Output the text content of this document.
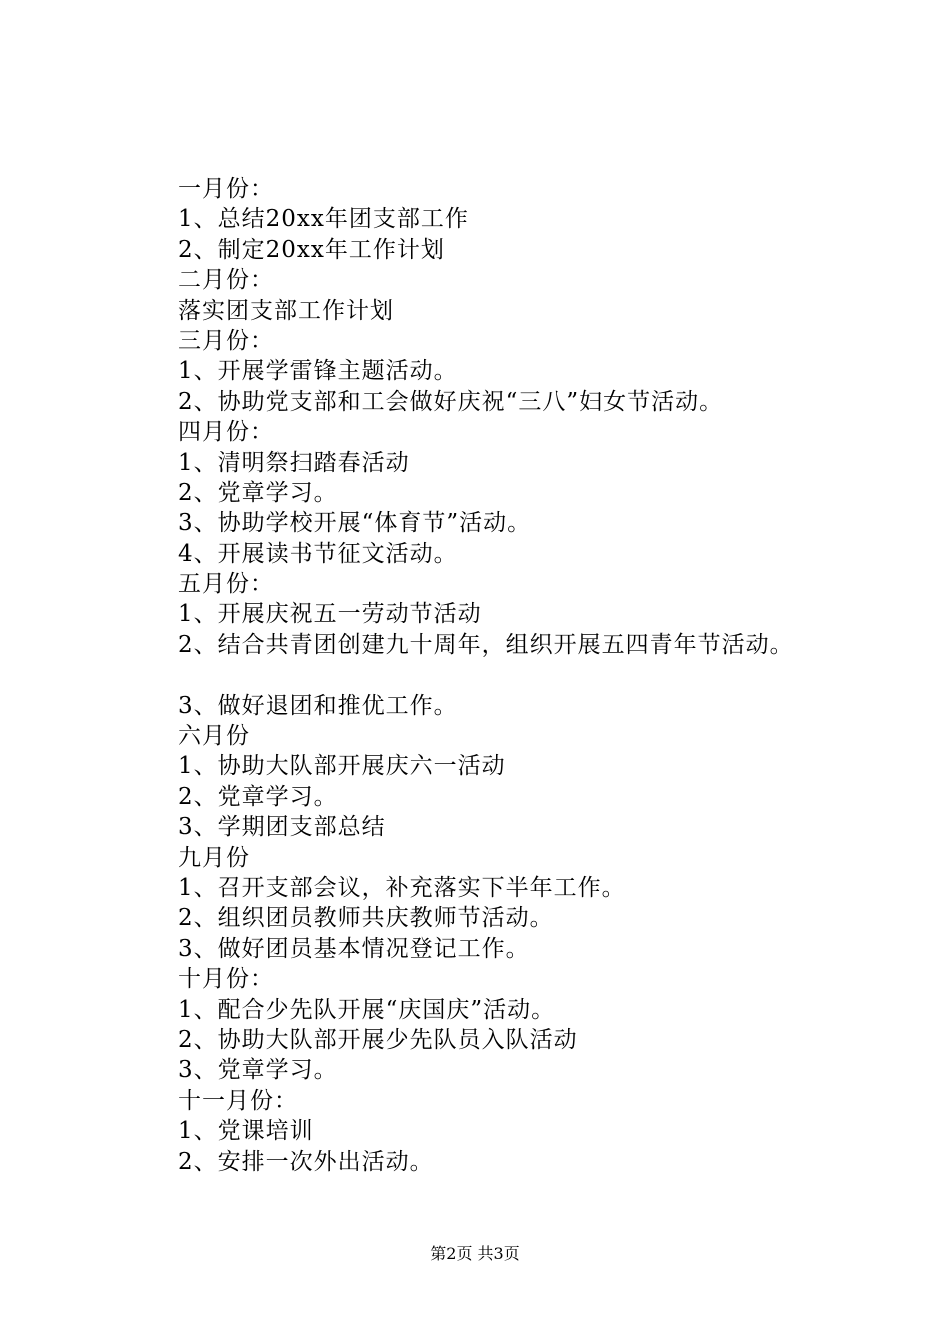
一月份：
1、总结20xx年团支部工作
2、制定20xx年工作计划
二月份：
落实团支部工作计划
三月份：
1、开展学雷锋主题活动。
2、协助党支部和工会做好庆祝“三八”妇女节活动。
四月份：
1、清明祭扫踏春活动
2、党章学习。
3、协助学校开展“体育节”活动。
4、开展读书节征文活动。
五月份：
1、开展庆祝五一劳动节活动
2、结合共青团创建九十周年，组织开展五四青年节活动。
3、做好退团和推优工作。
六月份
1、协助大队部开展庆六一活动
2、党章学习。
3、学期团支部总结
九月份
1、召开支部会议，补充落实下半年工作。
2、组织团员教师共庆教师节活动。
3、做好团员基本情况登记工作。
十月份：
1、配合少先队开展“庆国庆”活动。
2、协助大队部开展少先队员入队活动
3、党章学习。
十一月份：
1、党课培训
2、安排一次外出活动。
第2页 共3页
